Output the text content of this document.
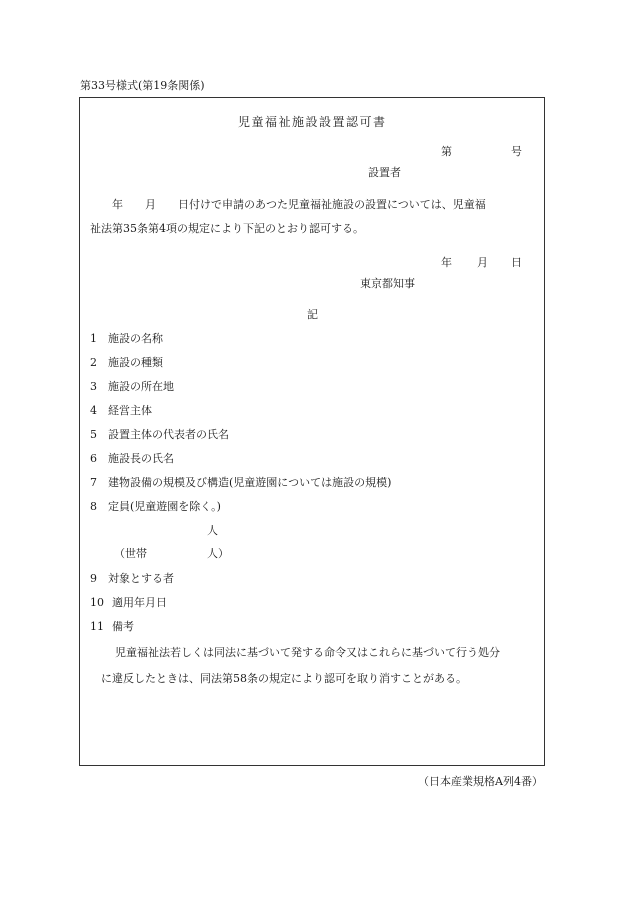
第33号様式(第19条関係)
児童福祉施設設置認可書
第	号
設置者

　　年　　月　　日付けで申請のあつた児童福祉施設の設置については、児童福

祉法第35条第4項の規定により下記のとおり認可する。

年 月 日
東京都知事
記
1 施設の名称
2 施設の種類
3 施設の所在地
4 経営主体
5 設置主体の代表者の氏名
6 施設長の氏名
7 建物設備の規模及び構造(児童遊園については施設の規模)
8 定員(児童遊園を除く。)
人
（世帯	人）
9 対象とする者
10 適用年月日
11 備考
児童福祉法若しくは同法に基づいて発する命令又はこれらに基づいて行う処分
に違反したときは、同法第58条の規定により認可を取り消すことがある。
（日本産業規格A列4番）
